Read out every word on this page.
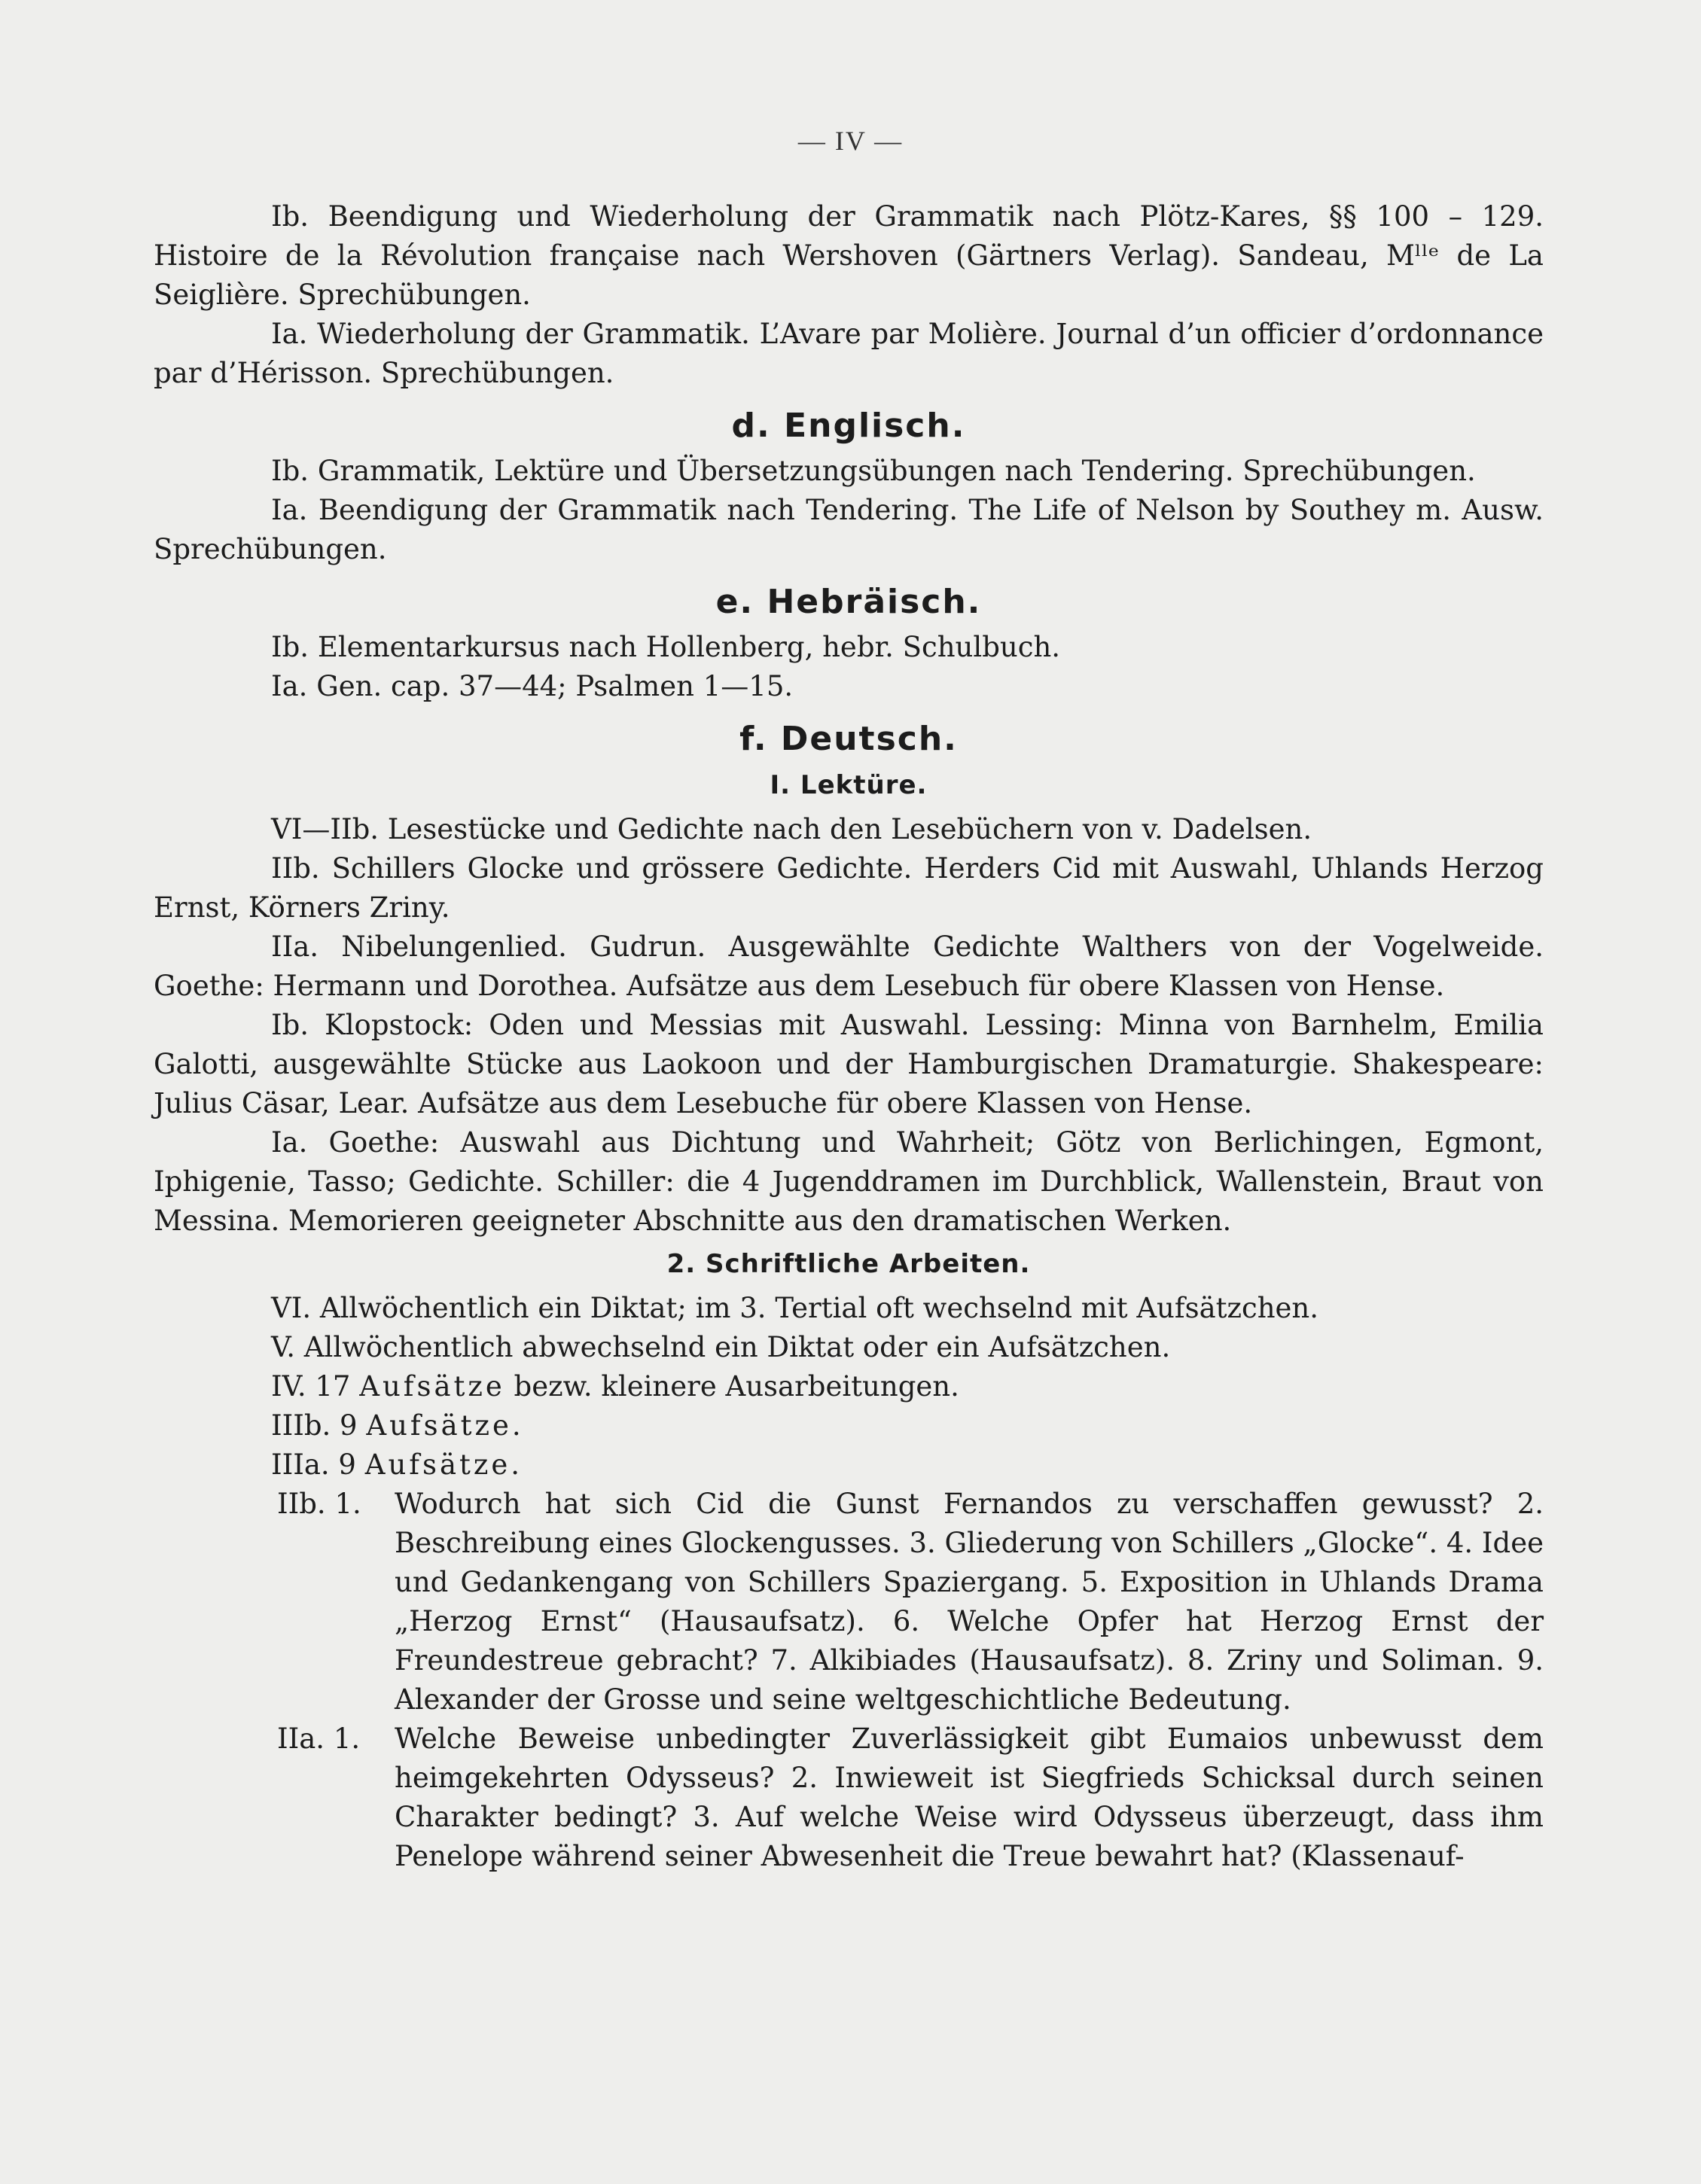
— IV —

Ib. Beendigung und Wiederholung der Grammatik nach Plötz-Kares, §§ 100 – 129. Histoire de la Révolution française nach Wershoven (Gärtners Verlag). Sandeau, Mˡˡᵉ de La Seiglière. Sprechübungen.

Ia. Wiederholung der Grammatik. L’Avare par Molière. Journal d’un officier d’ordonnance par d’Hérisson. Sprechübungen.

d. Englisch.

Ib. Grammatik, Lektüre und Übersetzungsübungen nach Tendering. Sprechübungen.

Ia. Beendigung der Grammatik nach Tendering. The Life of Nelson by Southey m. Ausw. Sprechübungen.

e. Hebräisch.

Ib. Elementarkursus nach Hollenberg, hebr. Schulbuch.

Ia. Gen. cap. 37—44; Psalmen 1—15.

f. Deutsch.
I. Lektüre.

VI—IIb. Lesestücke und Gedichte nach den Lesebüchern von v. Dadelsen.

IIb. Schillers Glocke und grössere Gedichte. Herders Cid mit Auswahl, Uhlands Herzog Ernst, Körners Zriny.

IIa. Nibelungenlied. Gudrun. Ausgewählte Gedichte Walthers von der Vogelweide. Goethe: Hermann und Dorothea. Aufsätze aus dem Lesebuch für obere Klassen von Hense.

Ib. Klopstock: Oden und Messias mit Auswahl. Lessing: Minna von Barnhelm, Emilia Galotti, ausgewählte Stücke aus Laokoon und der Hamburgischen Dramaturgie. Shakespeare: Julius Cäsar, Lear. Aufsätze aus dem Lesebuche für obere Klassen von Hense.

Ia. Goethe: Auswahl aus Dichtung und Wahrheit; Götz von Berlichingen, Egmont, Iphigenie, Tasso; Gedichte. Schiller: die 4 Jugenddramen im Durchblick, Wallenstein, Braut von Messina. Memorieren geeigneter Abschnitte aus den dramatischen Werken.

2. Schriftliche Arbeiten.

VI. Allwöchentlich ein Diktat; im 3. Tertial oft wechselnd mit Aufsätzchen.

V. Allwöchentlich abwechselnd ein Diktat oder ein Aufsätzchen.

IV. 17 Aufsätze bezw. kleinere Ausarbeitungen.

IIIb. 9 Aufsätze.

IIIa. 9 Aufsätze.

IIb. 1. Wodurch hat sich Cid die Gunst Fernandos zu verschaffen gewusst? 2. Beschreibung eines Glockengusses. 3. Gliederung von Schillers „Glocke“. 4. Idee und Gedankengang von Schillers Spaziergang. 5. Exposition in Uhlands Drama „Herzog Ernst“ (Hausaufsatz). 6. Welche Opfer hat Herzog Ernst der Freundestreue gebracht? 7. Alkibiades (Hausaufsatz). 8. Zriny und Soliman. 9. Alexander der Grosse und seine weltgeschichtliche Bedeutung.
IIa. 1. Welche Beweise unbedingter Zuverlässigkeit gibt Eumaios unbewusst dem heimgekehrten Odysseus? 2. Inwieweit ist Siegfrieds Schicksal durch seinen Charakter bedingt? 3. Auf welche Weise wird Odysseus überzeugt, dass ihm Penelope während seiner Abwesenheit die Treue bewahrt hat? (Klassenauf-
